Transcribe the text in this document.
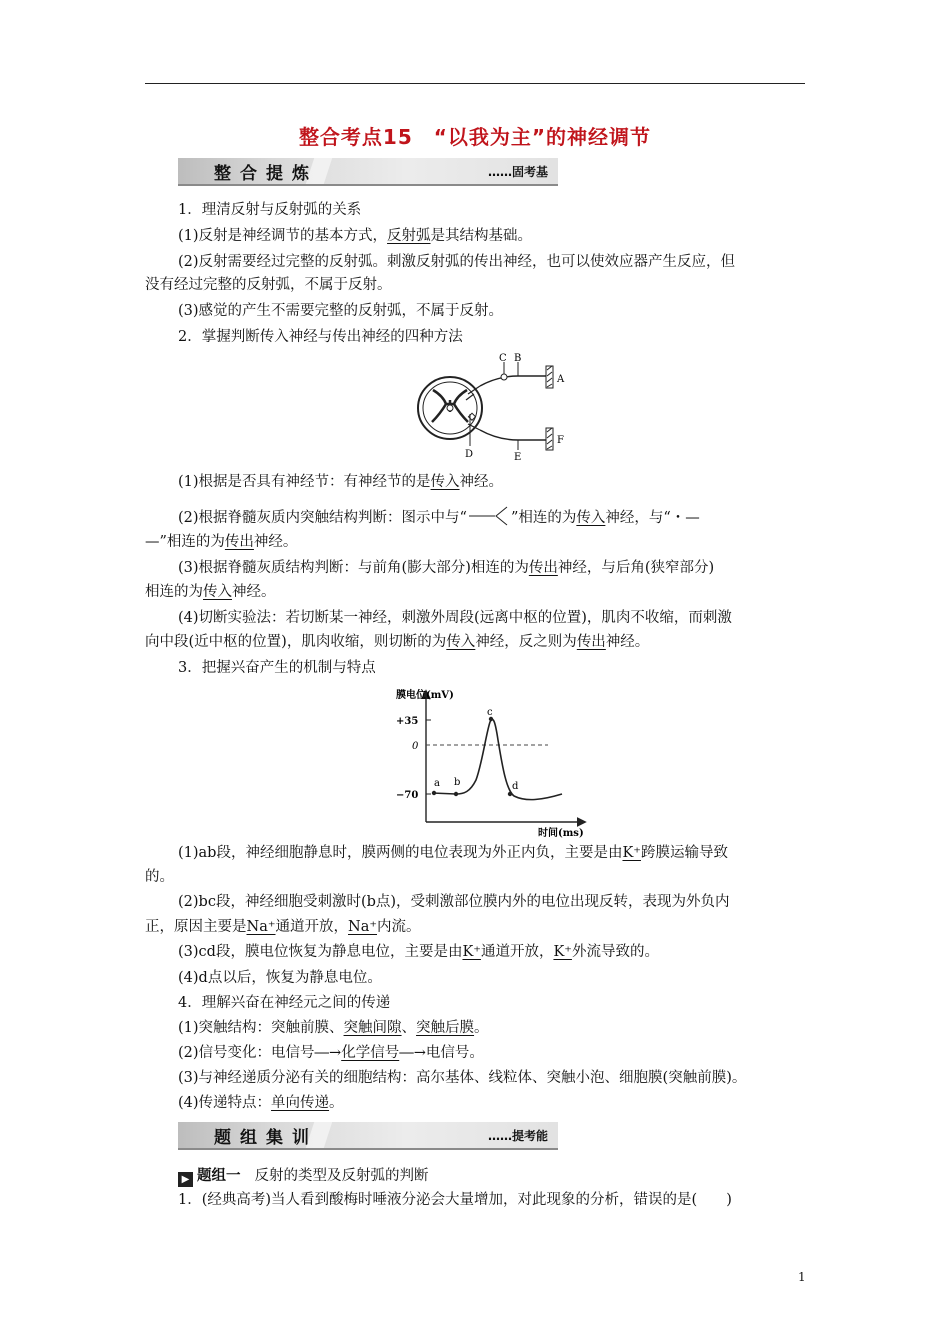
整合考点15　“以我为主”的神经调节
整合提炼	……固考基
1．理清反射与反射弧的关系
(1)反射是神经调节的基本方式，反射弧是其结构基础。
(2)反射需要经过完整的反射弧。刺激反射弧的传出神经，也可以使效应器产生反应，但
没有经过完整的反射弧，不属于反射。
(3)感觉的产生不需要完整的反射弧，不属于反射。
2．掌握判断传入神经与传出神经的四种方法
C B
A
D	E
F
(1)根据是否具有神经节：有神经节的是传入神经。
(2)根据脊髓灰质内突触结构判断：图示中与“	”相连的为传入神经，与“・—
—”相连的为传出神经。
(3)根据脊髓灰质结构判断：与前角(膨大部分)相连的为传出神经，与后角(狭窄部分)
相连的为传入神经。
(4)切断实验法：若切断某一神经，刺激外周段(远离中枢的位置)，肌肉不收缩，而刺激
向中段(近中枢的位置)，肌肉收缩，则切断的为传入神经，反之则为传出神经。
3．把握兴奋产生的机制与特点
膜电位(mV)
+35
0
−70
a b
c
d
时间(ms)
(1)ab段，神经细胞静息时，膜两侧的电位表现为外正内负，主要是由K⁺跨膜运输导致
的。
(2)bc段，神经细胞受刺激时(b点)，受刺激部位膜内外的电位出现反转，表现为外负内
正，原因主要是Na⁺通道开放，Na⁺内流。
(3)cd段，膜电位恢复为静息电位，主要是由K⁺通道开放，K⁺外流导致的。
(4)d点以后，恢复为静息电位。
4．理解兴奋在神经元之间的传递
(1)突触结构：突触前膜、突触间隙、突触后膜。
(2)信号变化：电信号―→化学信号―→电信号。
(3)与神经递质分泌有关的细胞结构：高尔基体、线粒体、突触小泡、细胞膜(突触前膜)。
(4)传递特点：单向传递。
题组集训	……提考能
▶ 题组一 反射的类型及反射弧的判断
1．(经典高考)当人看到酸梅时唾液分泌会大量增加，对此现象的分析，错误的是(　　)
1
